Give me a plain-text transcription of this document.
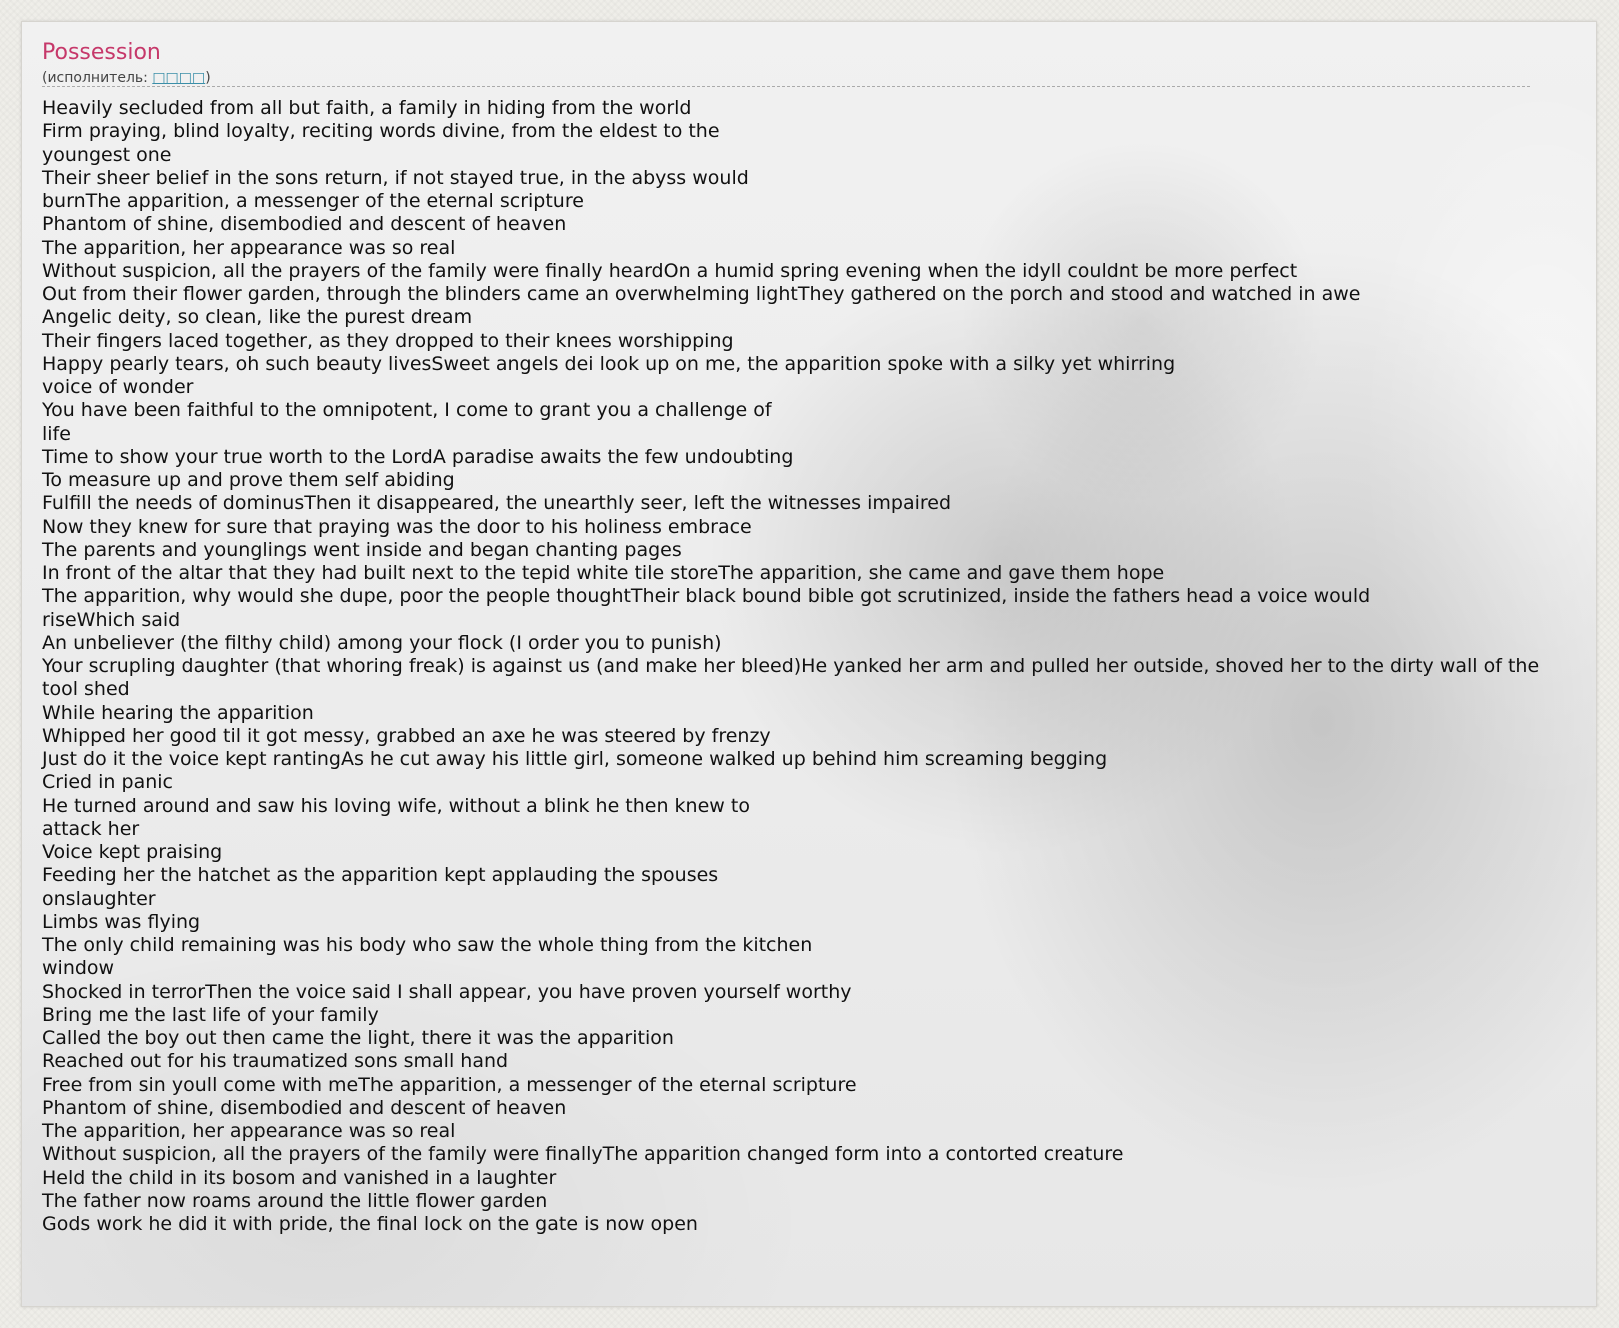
Possession
(исполнитель: □□□□)
Heavily secluded from all but faith, a family in hiding from the world
Firm praying, blind loyalty, reciting words divine, from the eldest to the
youngest one
Their sheer belief in the sons return, if not stayed true, in the abyss would
burnThe apparition, a messenger of the eternal scripture
Phantom of shine, disembodied and descent of heaven
The apparition, her appearance was so real
Without suspicion, all the prayers of the family were finally heardOn a humid spring evening when the idyll couldnt be more perfect
Out from their flower garden, through the blinders came an overwhelming lightThey gathered on the porch and stood and watched in awe
Angelic deity, so clean, like the purest dream
Their fingers laced together, as they dropped to their knees worshipping
Happy pearly tears, oh such beauty livesSweet angels dei look up on me, the apparition spoke with a silky yet whirring
voice of wonder
You have been faithful to the omnipotent, I come to grant you a challenge of
life
Time to show your true worth to the LordA paradise awaits the few undoubting
To measure up and prove them self abiding
Fulfill the needs of dominusThen it disappeared, the unearthly seer, left the witnesses impaired
Now they knew for sure that praying was the door to his holiness embrace
The parents and younglings went inside and began chanting pages
In front of the altar that they had built next to the tepid white tile storeThe apparition, she came and gave them hope
The apparition, why would she dupe, poor the people thoughtTheir black bound bible got scrutinized, inside the fathers head a voice would
riseWhich said
An unbeliever (the filthy child) among your flock (I order you to punish)
Your scrupling daughter (that whoring freak) is against us (and make her bleed)He yanked her arm and pulled her outside, shoved her to the dirty wall of the
tool shed
While hearing the apparition
Whipped her good til it got messy, grabbed an axe he was steered by frenzy
Just do it the voice kept rantingAs he cut away his little girl, someone walked up behind him screaming begging
Cried in panic
He turned around and saw his loving wife, without a blink he then knew to
attack her
Voice kept praising
Feeding her the hatchet as the apparition kept applauding the spouses
onslaughter
Limbs was flying
The only child remaining was his body who saw the whole thing from the kitchen
window
Shocked in terrorThen the voice said I shall appear, you have proven yourself worthy
Bring me the last life of your family
Called the boy out then came the light, there it was the apparition
Reached out for his traumatized sons small hand
Free from sin youll come with meThe apparition, a messenger of the eternal scripture
Phantom of shine, disembodied and descent of heaven
The apparition, her appearance was so real
Without suspicion, all the prayers of the family were finallyThe apparition changed form into a contorted creature
Held the child in its bosom and vanished in a laughter
The father now roams around the little flower garden
Gods work he did it with pride, the final lock on the gate is now open
